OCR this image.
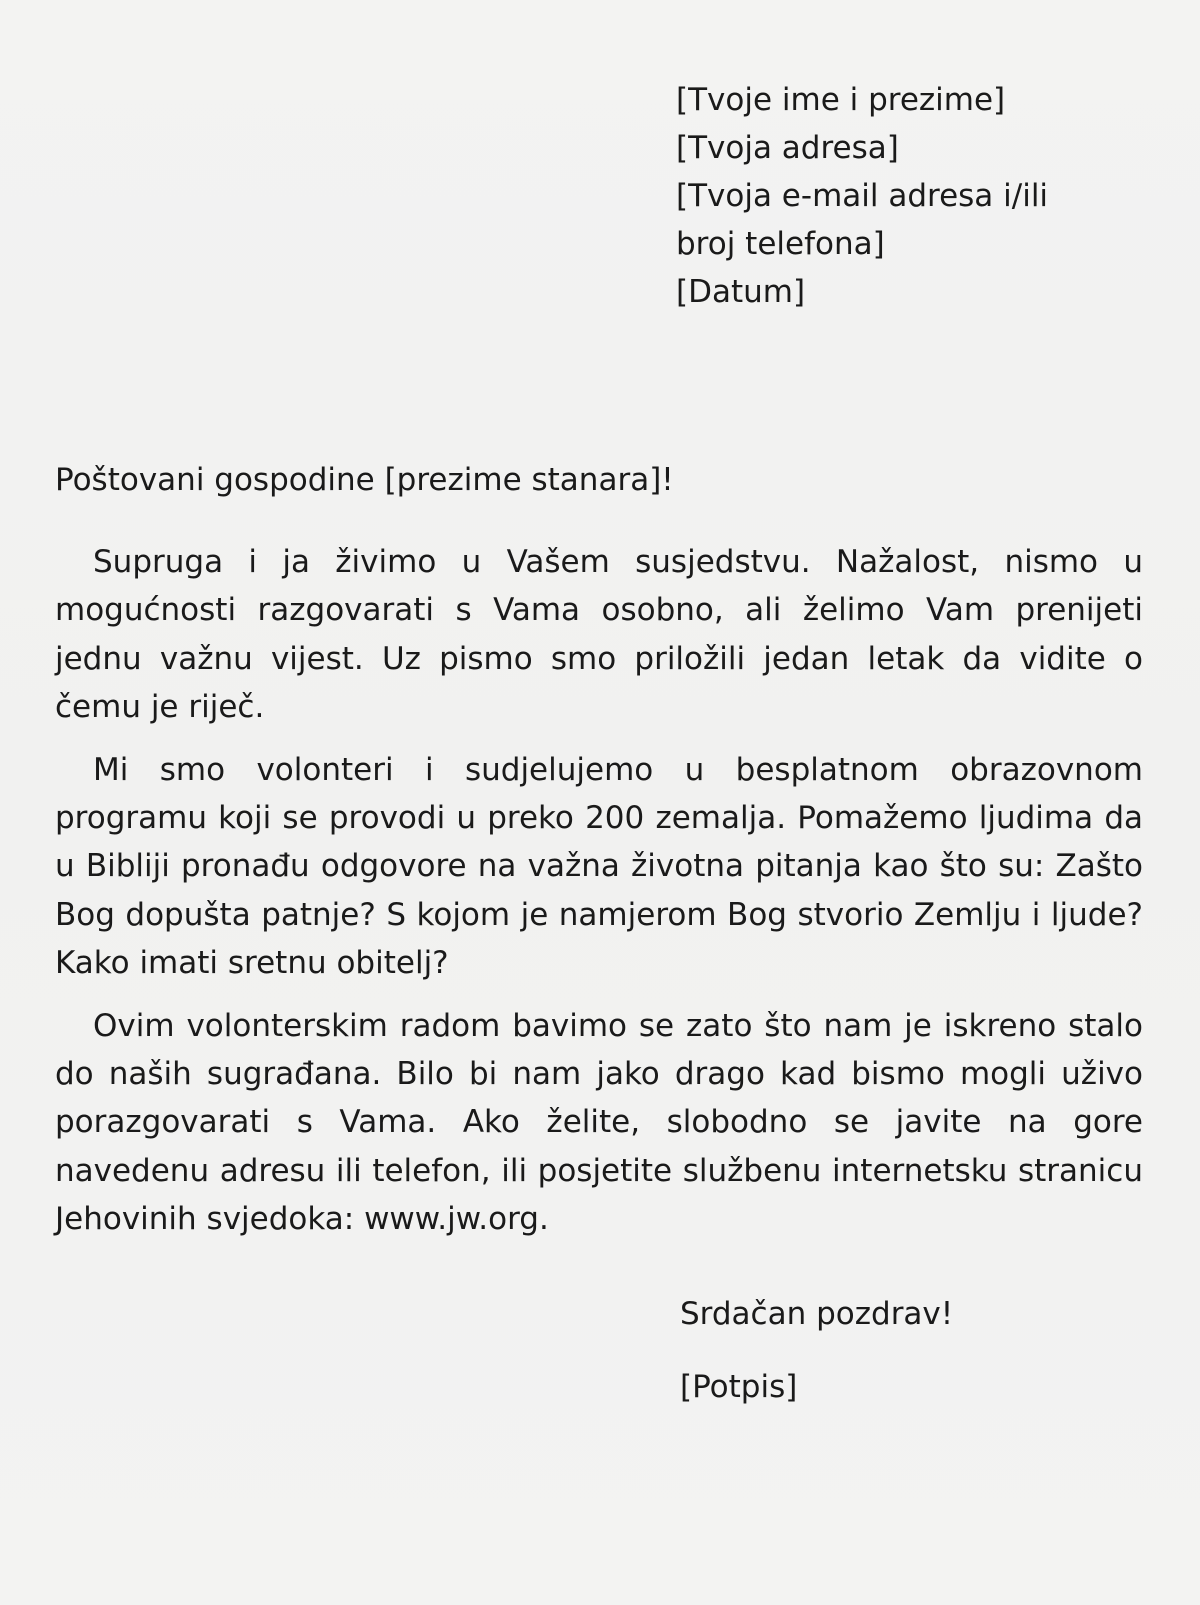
[Tvoje ime i prezime]
[Tvoja adresa]
[Tvoja e-mail adresa i/ili
broj telefona]
[Datum]

Poštovani gospodine [prezime stanara]!

Supruga i ja živimo u Vašem susjedstvu. Nažalost, nismo u mogućnosti razgovarati s Vama osobno, ali želimo Vam prenijeti jednu važnu vijest. Uz pismo smo priložili jedan letak da vidite o čemu je riječ.

Mi smo volonteri i sudjelujemo u besplatnom obrazovnom programu koji se provodi u preko 200 zemalja. Pomažemo ljudima da u Bibliji pronađu odgovore na važna životna pitanja kao što su: Zašto Bog dopušta patnje? S kojom je namjerom Bog stvorio Zemlju i ljude? Kako imati sretnu obitelj?

Ovim volonterskim radom bavimo se zato što nam je iskreno stalo do naših sugrađana. Bilo bi nam jako drago kad bismo mogli uživo porazgovarati s Vama. Ako želite, slobodno se javite na gore navedenu adresu ili telefon, ili posjetite službenu internetsku stranicu Jehovinih svjedoka: www.jw.org.

Srdačan pozdrav!

[Potpis]
